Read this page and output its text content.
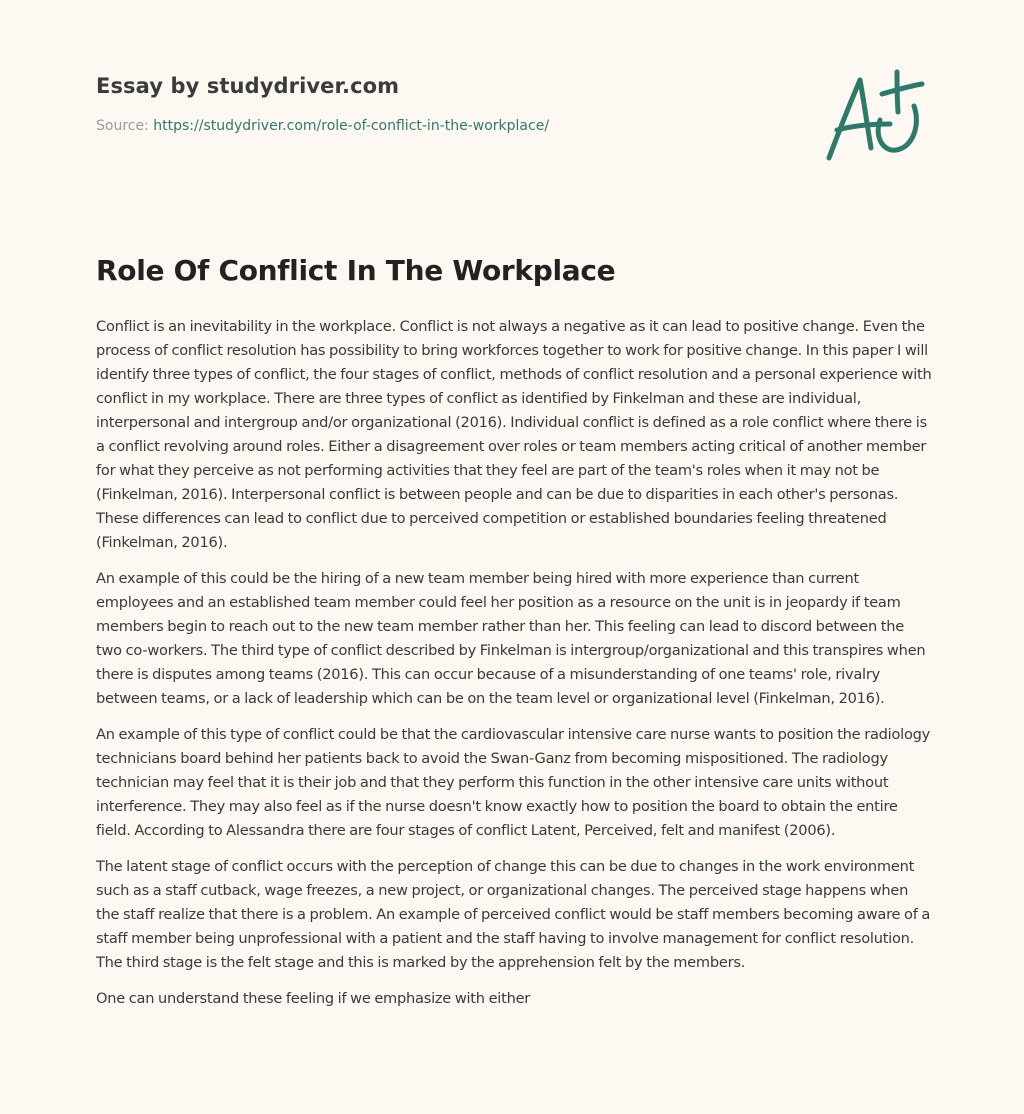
Essay by studydriver.com
Source: https://studydriver.com/role-of-conflict-in-the-workplace/
Role Of Conflict In The Workplace

Conflict is an inevitability in the workplace. Conflict is not always a negative as it can lead to positive change. Even the process of conflict resolution has possibility to bring workforces together to work for positive change. In this paper I will identify three types of conflict, the four stages of conflict, methods of conflict resolution and a personal experience with conflict in my workplace. There are three types of conflict as identified by Finkelman and these are individual, interpersonal and intergroup and/or organizational (2016). Individual conflict is defined as a role conflict where there is a conflict revolving around roles. Either a disagreement over roles or team members acting critical of another member for what they perceive as not performing activities that they feel are part of the team's roles when it may not be (Finkelman, 2016). Interpersonal conflict is between people and can be due to disparities in each other's personas. These differences can lead to conflict due to perceived competition or established boundaries feeling threatened (Finkelman, 2016).

An example of this could be the hiring of a new team member being hired with more experience than current employees and an established team member could feel her position as a resource on the unit is in jeopardy if team members begin to reach out to the new team member rather than her. This feeling can lead to discord between the two co-workers. The third type of conflict described by Finkelman is intergroup/organizational and this transpires when there is disputes among teams (2016). This can occur because of a misunderstanding of one teams' role, rivalry between teams, or a lack of leadership which can be on the team level or organizational level (Finkelman, 2016).

An example of this type of conflict could be that the cardiovascular intensive care nurse wants to position the radiology technicians board behind her patients back to avoid the Swan-Ganz from becoming mispositioned. The radiology technician may feel that it is their job and that they perform this function in the other intensive care units without interference. They may also feel as if the nurse doesn't know exactly how to position the board to obtain the entire field. According to Alessandra there are four stages of conflict Latent, Perceived, felt and manifest (2006).

The latent stage of conflict occurs with the perception of change this can be due to changes in the work environment such as a staff cutback, wage freezes, a new project, or organizational changes. The perceived stage happens when the staff realize that there is a problem. An example of perceived conflict would be staff members becoming aware of a staff member being unprofessional with a patient and the staff having to involve management for conflict resolution. The third stage is the felt stage and this is marked by the apprehension felt by the members.

One can understand these feeling if we emphasize with either
